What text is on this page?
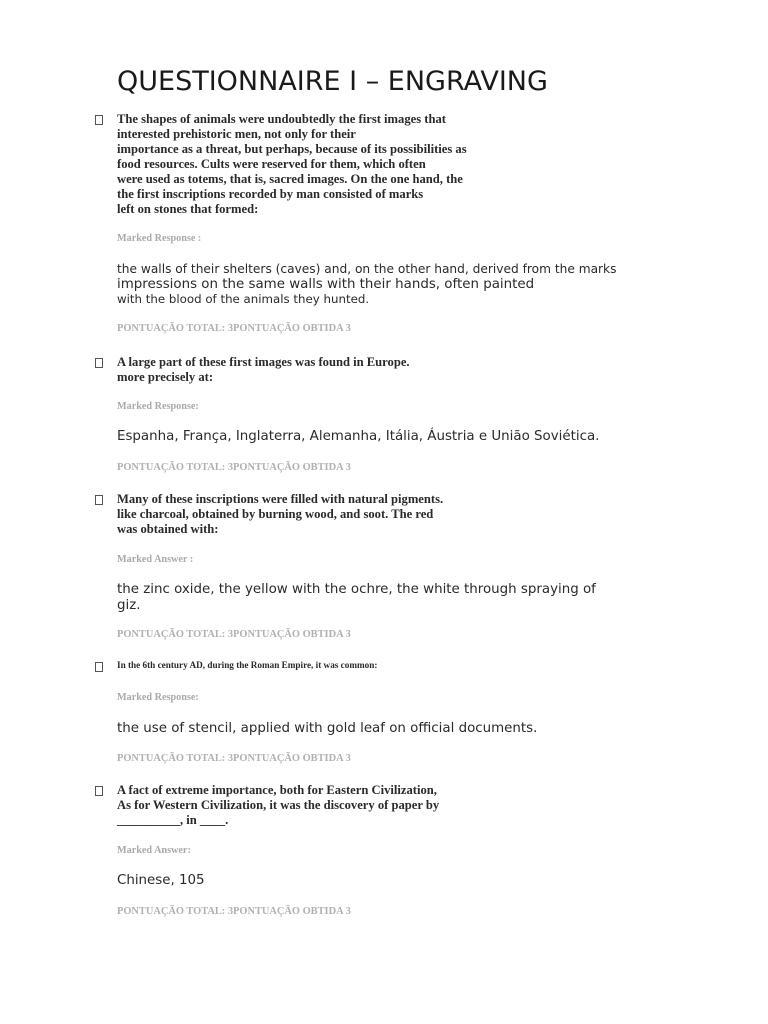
QUESTIONNAIRE I – ENGRAVING
The shapes of animals were undoubtedly the first images that
interested prehistoric men, not only for their
importance as a threat, but perhaps, because of its possibilities as
food resources. Cults were reserved for them, which often
were used as totems, that is, sacred images. On the one hand, the
the first inscriptions recorded by man consisted of marks
left on stones that formed:
Marked Response :
the walls of their shelters (caves) and, on the other hand, derived from the marks
impressions on the same walls with their hands, often painted
with the blood of the animals they hunted.
PONTUAÇÃO TOTAL: 3PONTUAÇÃO OBTIDA 3
A large part of these first images was found in Europe.
more precisely at:
Marked Response:
Espanha, França, Inglaterra, Alemanha, Itália, Áustria e União Soviética.
PONTUAÇÃO TOTAL: 3PONTUAÇÃO OBTIDA 3
Many of these inscriptions were filled with natural pigments.
like charcoal, obtained by burning wood, and soot. The red
was obtained with:
Marked Answer :
the zinc oxide, the yellow with the ochre, the white through spraying of
giz.
PONTUAÇÃO TOTAL: 3PONTUAÇÃO OBTIDA 3
In the 6th century AD, during the Roman Empire, it was common:
Marked Response:
the use of stencil, applied with gold leaf on official documents.
PONTUAÇÃO TOTAL: 3PONTUAÇÃO OBTIDA 3
A fact of extreme importance, both for Eastern Civilization,
As for Western Civilization, it was the discovery of paper by
__________, in ____.
Marked Answer:
Chinese, 105
PONTUAÇÃO TOTAL: 3PONTUAÇÃO OBTIDA 3
